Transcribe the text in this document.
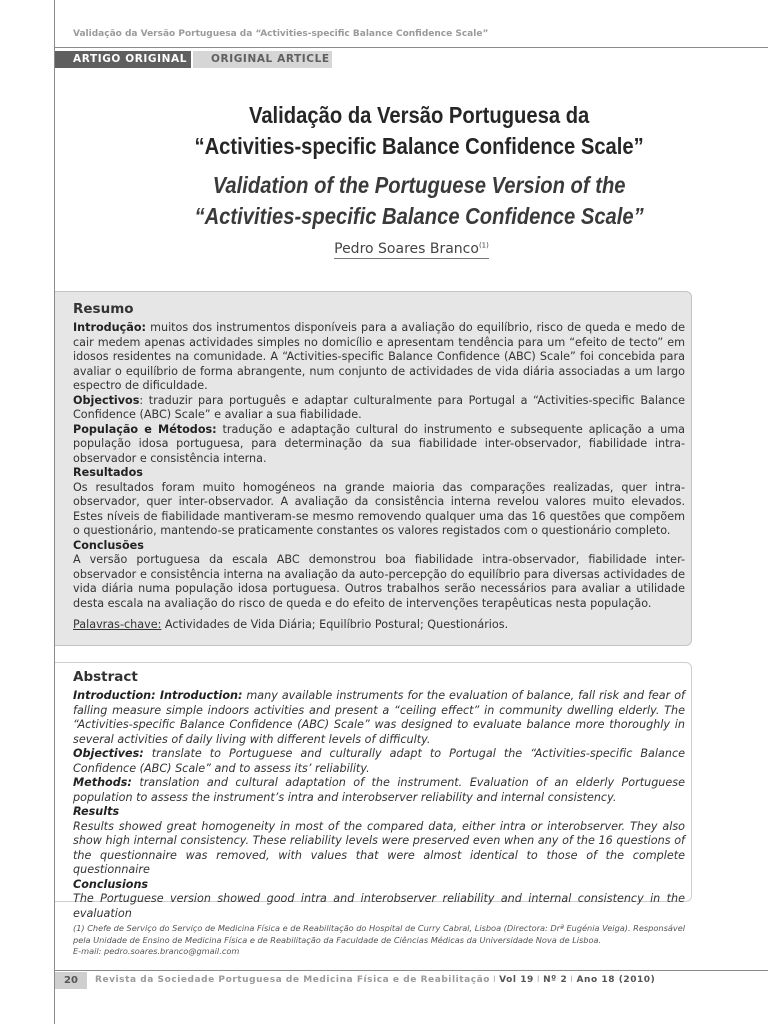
Validação da Versão Portuguesa da “Activities-specific Balance Confidence Scale”
ARTIGO ORIGINAL	ORIGINAL ARTICLE
Validação da Versão Portuguesa da
“Activities-specific Balance Confidence Scale”
Validation of the Portuguese Version of the
“Activities-specific Balance Confidence Scale”
Pedro Soares Branco$^{(1)}$
Resumo

Introdução: muitos dos instrumentos disponíveis para a avaliação do equilíbrio, risco de queda e medo de cair medem apenas actividades simples no domicílio e apresentam tendência para um “efeito de tecto” em idosos residentes na comunidade. A “Activities-specific Balance Confidence (ABC) Scale” foi concebida para avaliar o equilíbrio de forma abrangente, num conjunto de actividades de vida diária associadas a um largo espectro de dificuldade.

Objectivos: traduzir para português e adaptar culturalmente para Portugal a “Activities-specific Balance Confidence (ABC) Scale” e avaliar a sua fiabilidade.

População e Métodos: tradução e adaptação cultural do instrumento e subsequente aplicação a uma população idosa portuguesa, para determinação da sua fiabilidade inter-observador, fiabilidade intra-observador e consistência interna.

Resultados

Os resultados foram muito homogéneos na grande maioria das comparações realizadas, quer intra-observador, quer inter-observador. A avaliação da consistência interna revelou valores muito elevados. Estes níveis de fiabilidade mantiveram-se mesmo removendo qualquer uma das 16 questões que compõem o questionário, mantendo-se praticamente constantes os valores registados com o questionário completo.

Conclusões

A versão portuguesa da escala ABC demonstrou boa fiabilidade intra-observador, fiabilidade inter-observador e consistência interna na avaliação da auto-percepção do equilíbrio para diversas actividades de vida diária numa população idosa portuguesa. Outros trabalhos serão necessários para avaliar a utilidade desta escala na avaliação do risco de queda e do efeito de intervenções terapêuticas nesta população.

Palavras-chave: Actividades de Vida Diária; Equilíbrio Postural; Questionários.

Abstract

Introduction: Introduction: many available instruments for the evaluation of balance, fall risk and fear of falling measure simple indoors activities and present a “ceiling effect” in community dwelling elderly. The “Activities-specific Balance Confidence (ABC) Scale” was designed to evaluate balance more thoroughly in several activities of daily living with different levels of difficulty.

Objectives: translate to Portuguese and culturally adapt to Portugal the “Activities-specific Balance Confidence (ABC) Scale” and to assess its’ reliability.

Methods: translation and cultural adaptation of the instrument. Evaluation of an elderly Portuguese population to assess the instrument’s intra and interobserver reliability and internal consistency.

Results

Results showed great homogeneity in most of the compared data, either intra or interobserver. They also show high internal consistency. These reliability levels were preserved even when any of the 16 questions of the questionnaire was removed, with values that were almost identical to those of the complete questionnaire

Conclusions

The Portuguese version showed good intra and interobserver reliability and internal consistency in the evaluation

(1) Chefe de Serviço do Serviço de Medicina Física e de Reabilitação do Hospital de Curry Cabral, Lisboa (Directora: Drª Eugénia Veiga). Responsável pela Unidade de Ensino de Medicina Física e de Reabilitação da Faculdade de Ciências Médicas da Universidade Nova de Lisboa.

E-mail: pedro.soares.branco@gmail.com

20	Revista da Sociedade Portuguesa de Medicina Física e de Reabilitação I Vol 19 I Nº 2 I Ano 18 (2010)
